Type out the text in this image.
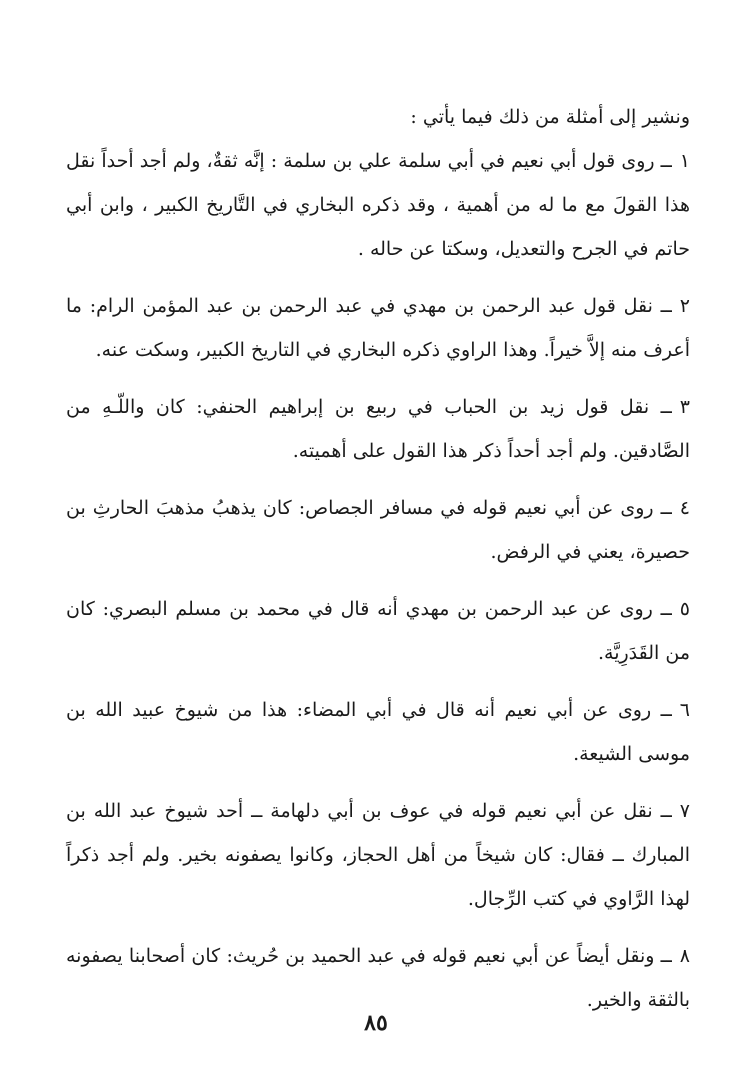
ونشير إلى أمثلة من ذلك فيما يأتي :

١ــ روى قول أبي نعيم في أبي سلمة علي بن سلمة : إنَّه ثقةٌ، ولم أجد أحداً نقل هذا القولَ مع ما له من أهمية ، وقد ذكره البخاري في التَّاريخ الكبير ، وابن أبي حاتم في الجرح والتعديل، وسكتا عن حاله .

٢ــ نقل قول عبد الرحمن بن مهدي في عبد الرحمن بن عبد المؤمن الرام: ما أعرف منه إلاَّ خيراً. وهذا الراوي ذكره البخاري في التاريخ الكبير، وسكت عنه.

٣ــ نقل قول زيد بن الحباب في ربيع بن إبراهيم الحنفي: كان واللّـهِ من الصَّادقين. ولم أجد أحداً ذكر هذا القول على أهميته.

٤ــ روى عن أبي نعيم قوله في مسافر الجصاص: كان يذهبُ مذهبَ الحارثِ بن حصيرة، يعني في الرفض.

٥ــ روى عن عبد الرحمن بن مهدي أنه قال في محمد بن مسلم البصري: كان من القَدَرِيَّة.

٦ــ روى عن أبي نعيم أنه قال في أبي المضاء: هذا من شيوخ عبيد الله بن موسى الشيعة.

٧ــ نقل عن أبي نعيم قوله في عوف بن أبي دلهامة ــ أحد شيوخ عبد الله بن المبارك ــ فقال: كان شيخاً من أهل الحجاز، وكانوا يصفونه بخير. ولم أجد ذكراً لهذا الرَّاوي في كتب الرِّجال.

٨ــ ونقل أيضاً عن أبي نعيم قوله في عبد الحميد بن حُريث: كان أصحابنا يصفونه بالثقة والخير.

٨٥
